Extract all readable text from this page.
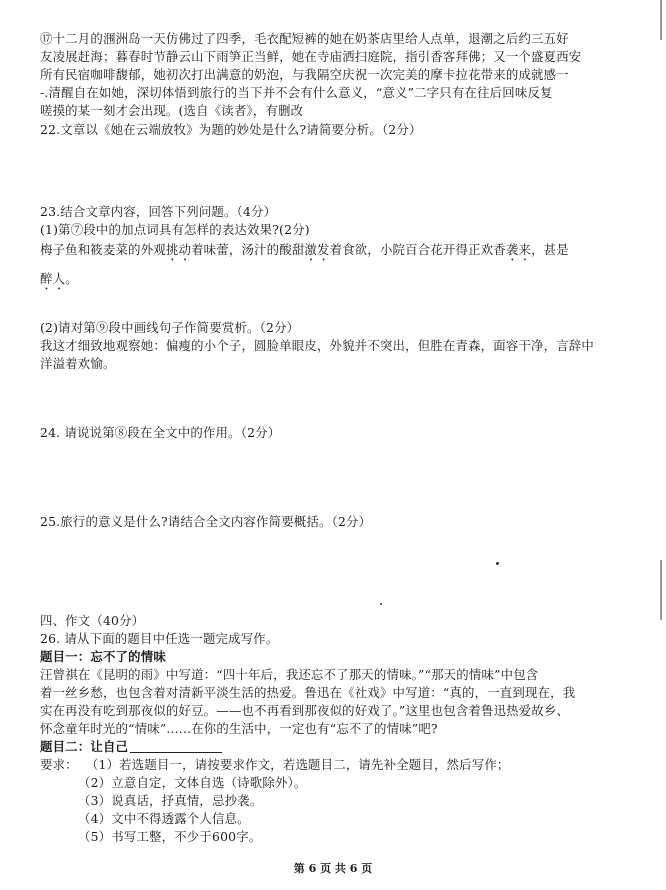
⑰十二月的涠洲岛一天仿佛过了四季，毛衣配短裤的她在奶茶店里给人点单，退潮之后约三五好
友凌展赶海；暮春时节静云山下雨笋正当鲜，她在寺庙洒扫庭院，指引香客拜佛；又一个盛夏西安
所有民宿咖啡馥郁，她初次打出满意的奶泡，与我隔空庆祝一次完美的摩卡拉花带来的成就感一
-.清醒自在如她，深切体悟到旅行的当下并不会有什么意义，“意义”二字只有在往后回味反复
嗟摸的某一刻才会出现。(选自《读者》，有删改
22.文章以《她在云端放牧》为题的妙处是什么?请简要分析。（2分）
23.结合文章内容，回答下列问题。（4分）
(1)第⑦段中的加点词具有怎样的表达效果?(2分)
梅子鱼和筱麦菜的外观挑动着味蕾，汤汁的酸甜激发着食欲，小院百合花开得正欢香袭来，甚是
醉人。
(2)请对第⑨段中画线句子作简要赏析。（2分）
我这才细致地观察她：偏瘦的小个子，圆脸单眼皮，外貌并不突出，但胜在青森，面容干净，言辞中
洋溢着欢愉。
24. 请说说第⑧段在全文中的作用。（2分）
25.旅行的意义是什么?请结合全文内容作简要概括。（2分）
四、作文（40分）
26. 请从下面的题目中任选一题完成写作。
题目一：忘不了的情味
汪曾祺在《昆明的雨》中写道：“四十年后，我还忘不了那天的情味。”“那天的情味”中包含
着一丝乡愁，也包含着对清新平淡生活的热爱。鲁迅在《社戏》中写道：“真的，一直到现在，我
实在再没有吃到那夜似的好豆。——也不再看到那夜似的好戏了。”这里也包含着鲁迅热爱故乡、
怀念童年时光的“情味”......在你的生活中，一定也有“忘不了的情味”吧?
题目二：让自己
要求： （1）若选题目一，请按要求作文，若选题目二，请先补全题目，然后写作；
（2）立意自定，文体自选（诗歌除外）。
（3）说真话，抒真情，忌抄袭。
（4）文中不得透露个人信息。
（5）书写工整，不少于600字。
第 6 页 共 6 页
